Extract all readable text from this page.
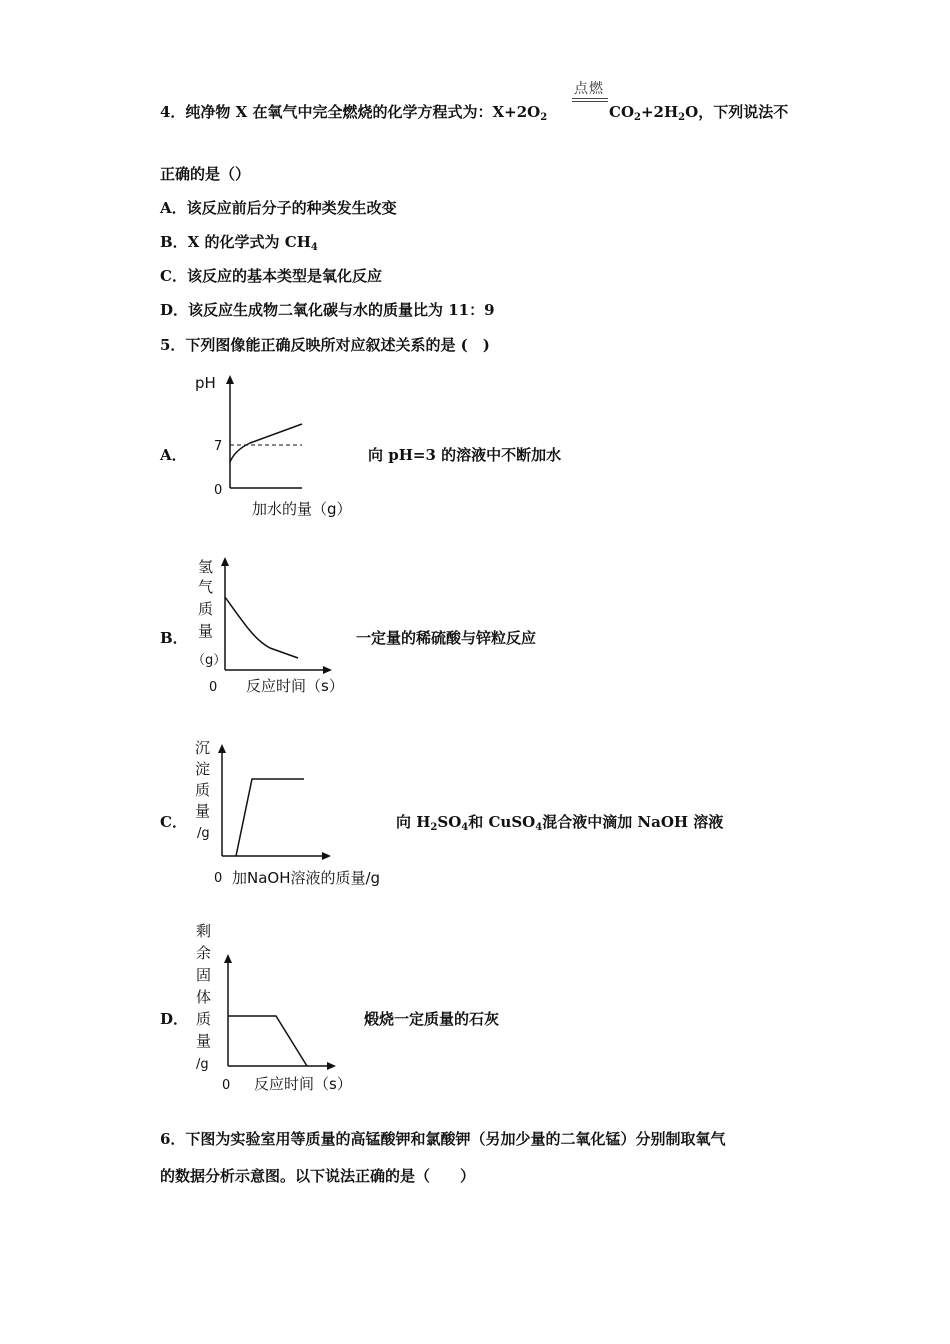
点燃
4．纯净物 X 在氧气中完全燃烧的化学方程式为：$X+2O_2$	$CO_2+2H_2O$，下列说法不
正确的是（）
A．该反应前后分子的种类发生改变
B．X 的化学式为 $CH_4$
C．该反应的基本类型是氧化反应
D．该反应生成物二氧化碳与水的质量比为 11：9
5．下列图像能正确反映所对应叙述关系的是 (　)
A．
pH
7
0
加水的量（g）
向 pH=3 的溶液中不断加水
B．
氢
气
质
量
（g）
0 反应时间（s）
一定量的稀硫酸与锌粒反应
C．
沉
淀
质
量
/g
0 加NaOH溶液的质量/g
向 $H_2SO_4$和 CuSO$_4$混合液中滴加 NaOH 溶液
D．
剩
余
固
体
质
量
/g
0 反应时间（s）
煅烧一定质量的石灰
6．下图为实验室用等质量的高锰酸钾和氯酸钾（另加少量的二氧化锰）分别制取氧气
的数据分析示意图。以下说法正确的是（　　）
